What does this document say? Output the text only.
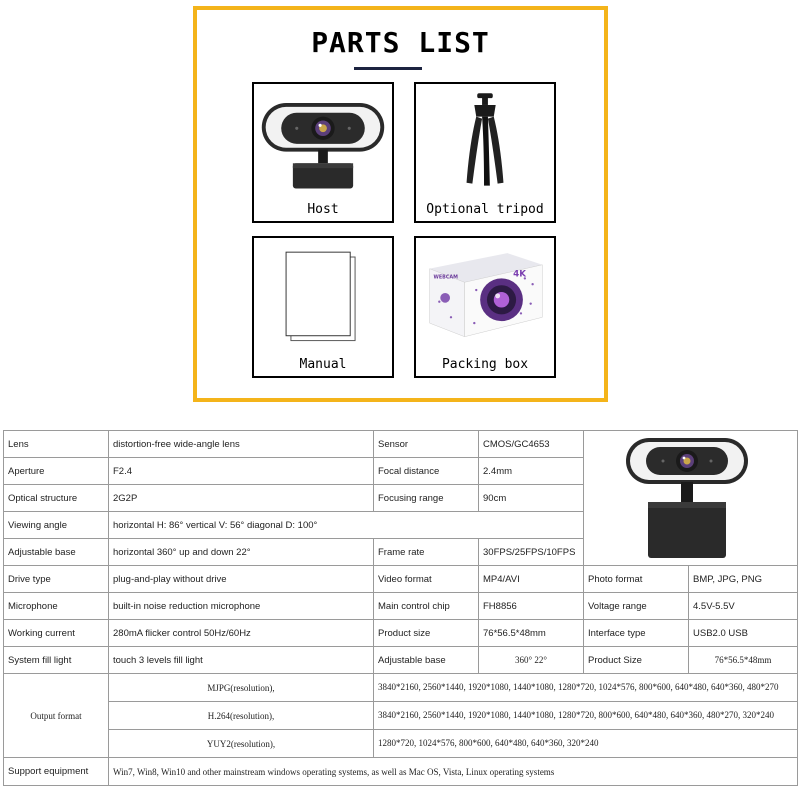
PARTS LIST
Host	Optional tripod
Manual
4K
WEBCAM
Packing box
Lens	distortion-free wide-angle lens	Sensor	CMOS/GC4653	
Aperture	F2.4	Focal distance	2.4mm		
Optical structure	2G2P	Focusing range	90cm		
Viewing angle	horizontal H: 86° vertical V: 56° diagonal D: 100°				
Adjustable base	horizontal 360° up and down 22°	Frame rate	30FPS/25FPS/10FPS		
Drive type	plug-and-play without drive	Video format	MP4/AVI	Photo format	BMP, JPG, PNG
Microphone	built-in noise reduction microphone	Main control chip	FH8856	Voltage range	4.5V-5.5V
Working current	280mA flicker control 50Hz/60Hz	Product size	76*56.5*48mm	Interface type	USB2.0 USB
System fill light	touch 3 levels fill light	Adjustable base	360° 22°	Product Size	76*56.5*48mm
Output format	MJPG(resolution),	3840*2160, 2560*1440, 1920*1080, 1440*1080, 1280*720, 1024*576, 800*600, 640*480, 640*360, 480*270			
	H.264(resolution),	3840*2160, 2560*1440, 1920*1080, 1440*1080, 1280*720, 800*600, 640*480, 640*360, 480*270, 320*240			
	YUY2(resolution),	1280*720, 1024*576, 800*600, 640*480, 640*360, 320*240			
Support equipment	Win7, Win8, Win10 and other mainstream windows operating systems, as well as Mac OS, Vista, Linux operating systems				
